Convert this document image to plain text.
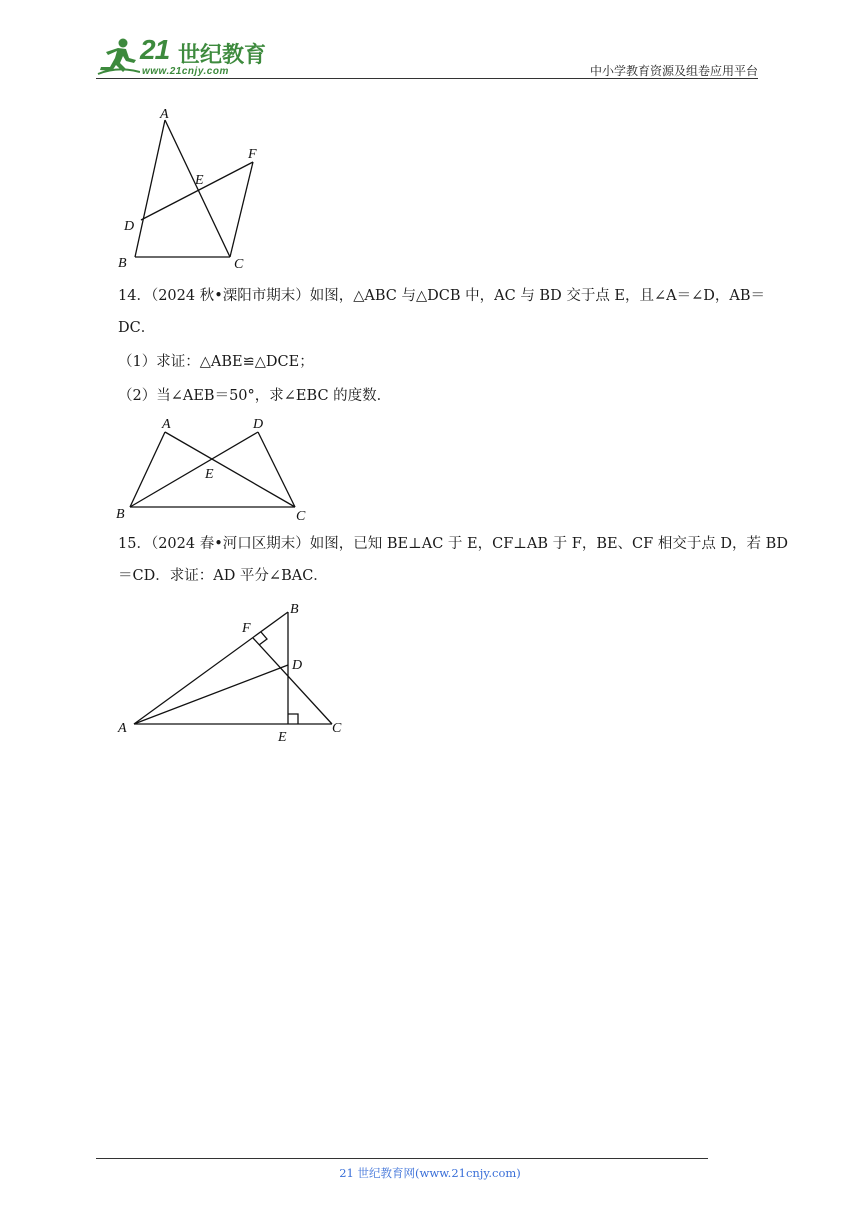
21 世纪教育
www.21cnjy.com	中小学教育资源及组卷应用平台
A
B	C
D
E
F
14．（2024 秋•溧阳市期末）如图，△ABC 与△DCB 中，AC 与 BD 交于点 E，且∠A＝∠D，AB＝
DC．
（1）求证：△ABE≌△DCE；
（2）当∠AEB＝50°，求∠EBC 的度数．
A	D
E
B	C
15．（2024 春•河口区期末）如图，已知 BE⊥AC 于 E，CF⊥AB 于 F，BE、CF 相交于点 D，若 BD
＝CD．求证：AD 平分∠BAC．
B
F
D
A
E
C
21 世纪教育网(www.21cnjy.com)
